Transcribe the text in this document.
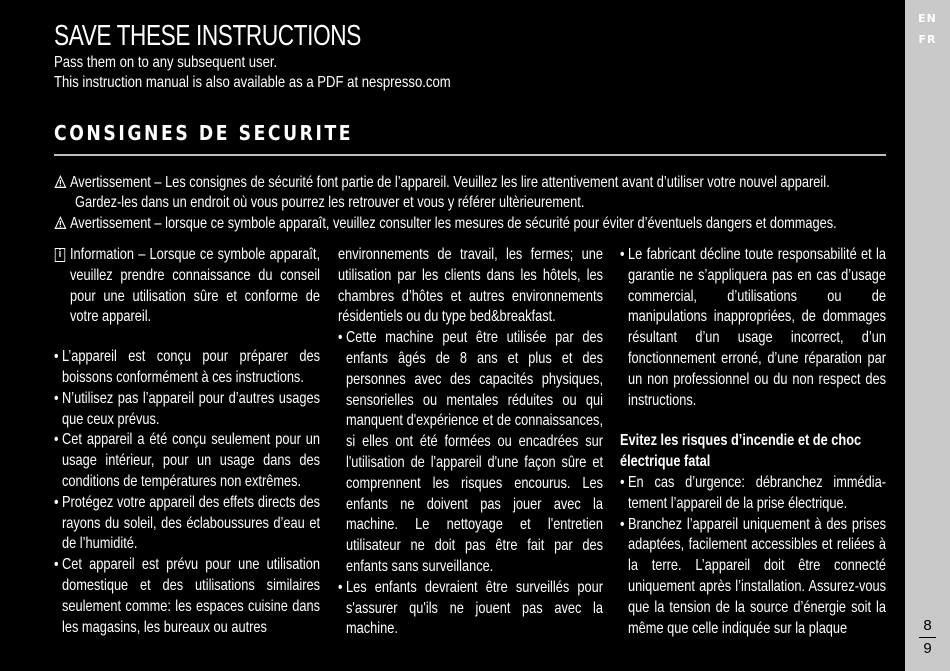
SAVE THESE INSTRUCTIONS
Pass them on to any subsequent user.
This instruction manual is also available as a PDF at nespresso.com
CONSIGNES DE SECURITE
Avertissement – Les consignes de sécurité font partie de l’appareil. Veuillez les lire attentivement avant d’utiliser votre nouvel appareil.
Gardez-les dans un endroit où vous pourrez les retrouver et vous y référer ultèrieurement.
Avertissement – lorsque ce symbole apparaît, veuillez consulter les mesures de sécurité pour éviter d’éventuels dangers et dommages.
i Information – Lorsque ce symbole apparaît, veuillez prendre connaissance du conseil pour une utilisation sûre et conforme de votre appareil.
• L’appareil est conçu pour préparer des boissons conformément à ces instructions.
• N’utilisez pas l’appareil pour d’autres usages que ceux prévus.
• Cet appareil a été conçu seulement pour un usage intérieur, pour un usage dans des conditions de températures non extrêmes.
• Protégez votre appareil des effets directs des rayons du soleil, des éclaboussures d’eau et de l’humidité.
• Cet appareil est prévu pour une utilisation domestique et des utilisations similaires seulement comme: les espaces cuisine dans les magasins, les bureaux ou autres
environnements de travail, les fermes; une utilisation par les clients dans les hôtels, les chambres d’hôtes et autres environnements résidentiels ou du type bed&breakfast.
• Cette machine peut être utilisée par des enfants âgés de 8 ans et plus et des personnes avec des capacités physiques, sensorielles ou mentales réduites ou qui manquent d'expérience et de connaissances, si elles ont été formées ou encadrées sur l'utilisation de l'appareil d'une façon sûre et comprennent les risques encourus. Les enfants ne doivent pas jouer avec la machine. Le nettoyage et l'entretien utilisateur ne doit pas être fait par des enfants sans surveillance.
• Les enfants devraient être surveillés pour s'assurer qu'ils ne jouent pas avec la machine.
• Le fabricant décline toute responsabilité et la garantie ne s’appliquera pas en cas d’usage commercial, d’utilisations ou de manipulations inappropriées, de dommages résultant d’un usage incorrect, d’un fonctionnement erroné, d’une réparation par un non professionnel ou du non respect des instructions.
Evitez les risques d’incendie et de choc électrique fatal
• En cas d’urgence: débranchez immédia-tement l’appareil de la prise électrique.
• Branchez l’appareil uniquement à des prises adaptées, facilement accessibles et reliées à la terre. L’appareil doit être connecté uniquement après l’installation. Assurez-vous que la tension de la source d’énergie soit la même que celle indiquée sur la plaque
EN
FR
8
9
